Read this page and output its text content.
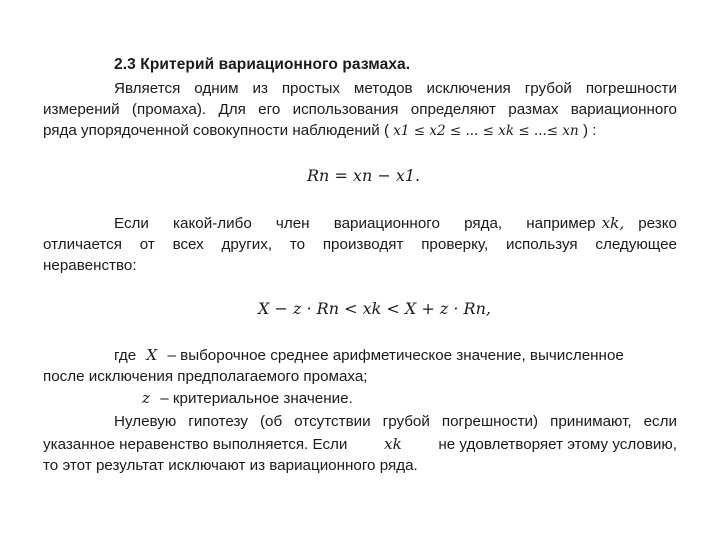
2.3 Критерий вариационного размаха.
Является одним из простых методов исключения грубой погрешности
измерений (промаха). Для его использования определяют размах вариационного
ряда упорядоченной совокупности наблюдений ( x1 ≤ x2 ≤ ... ≤ xk ≤ ...≤ xn ) :
Rn = xn − x1.
Если какой-либо член вариационного ряда, например xk, резко
отличается от всех других, то производят проверку, используя следующее
неравенство:
X − z · Rn < xk < X + z · Rn,
где X – выборочное среднее арифметическое значение, вычисленное
после исключения предполагаемого промаха;
z – критериальное значение.
Нулевую гипотезу (об отсутствии грубой погрешности) принимают, если
указанное неравенство выполняется. Если xk не удовлетворяет этому условию,
то этот результат исключают из вариационного ряда.
